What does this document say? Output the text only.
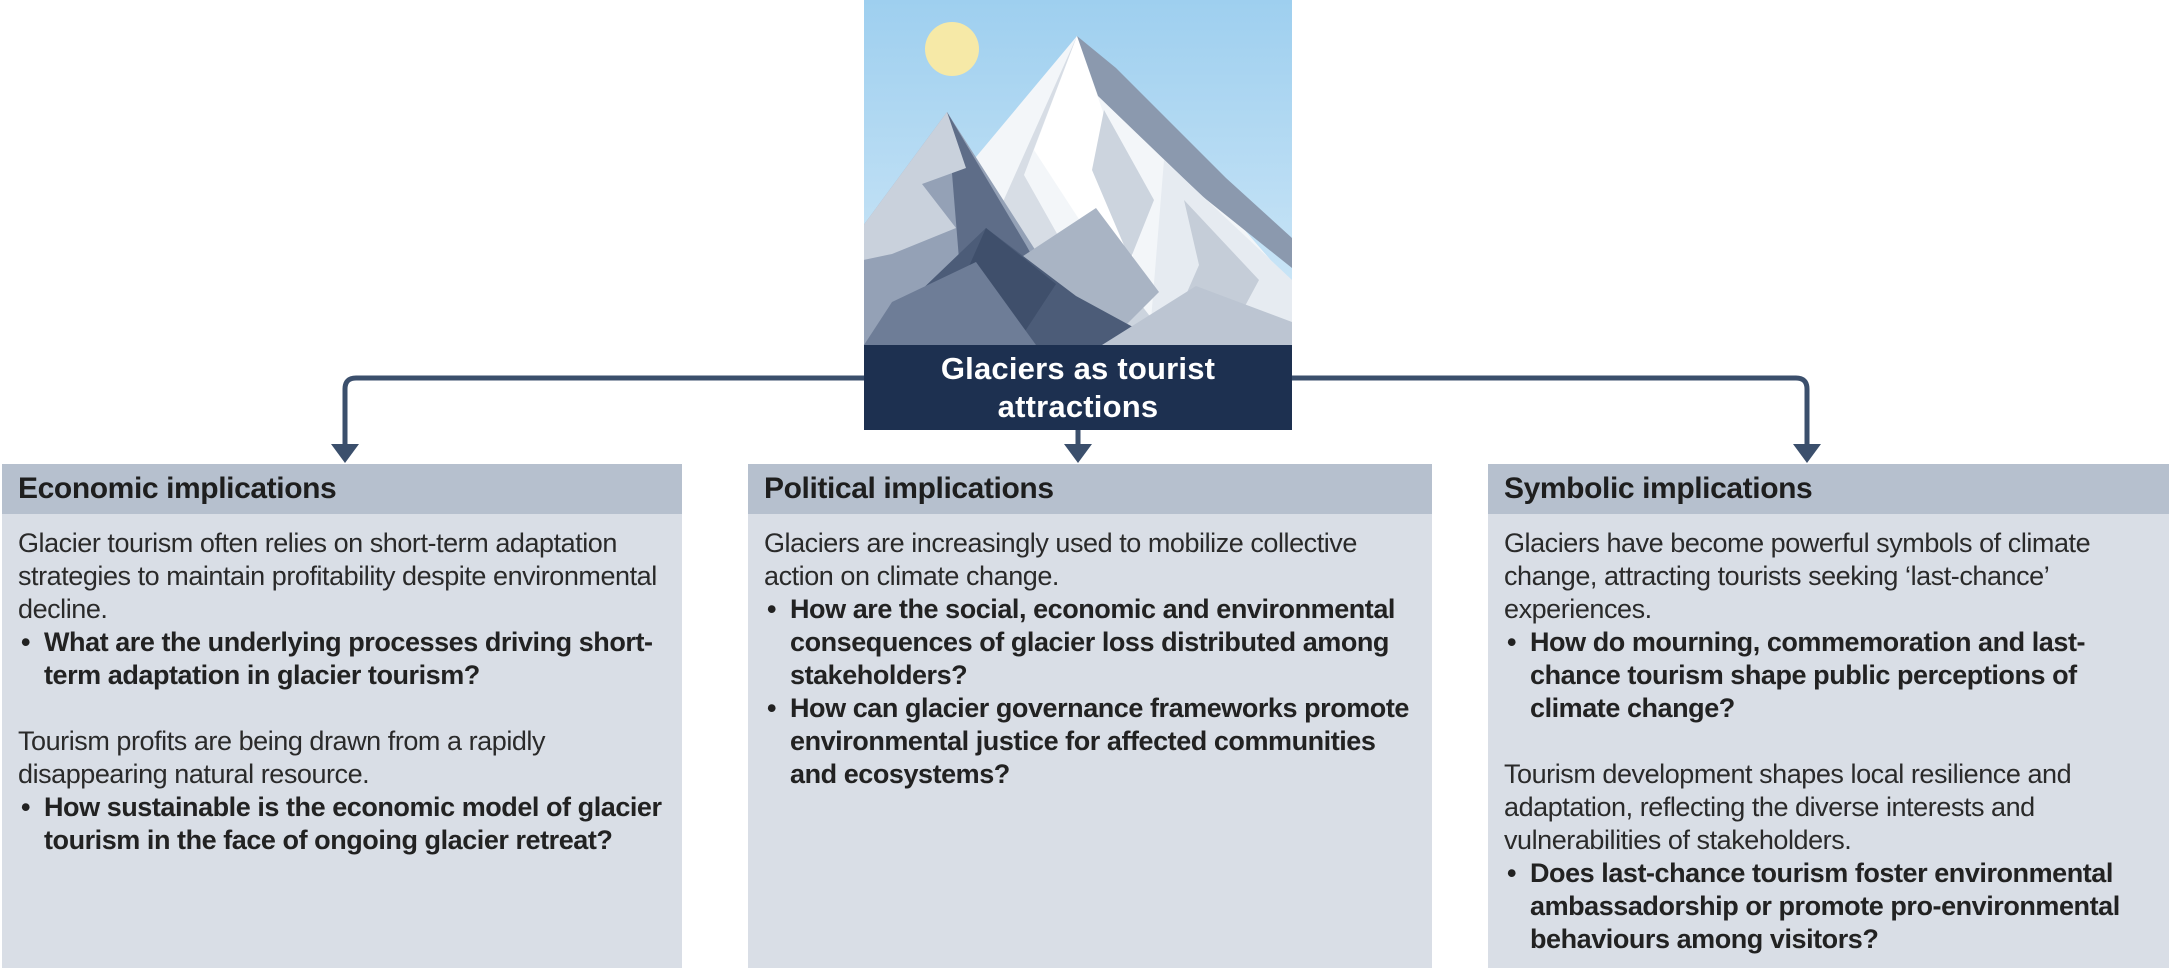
Glaciers as tourist attractions
Economic implications
Glacier tourism often relies on short-term adaptation strategies to maintain profitability despite environmental decline.
• What are the underlying processes driving short-term adaptation in glacier tourism?
Tourism profits are being drawn from a rapidly disappearing natural resource.
• How sustainable is the economic model of glacier tourism in the face of ongoing glacier retreat?
Political implications
Glaciers are increasingly used to mobilize collective action on climate change.
• How are the social, economic and environmental consequences of glacier loss distributed among stakeholders?
• How can glacier governance frameworks promote environmental justice for affected communities and ecosystems?
Symbolic implications
Glaciers have become powerful symbols of climate change, attracting tourists seeking ‘last-chance’ experiences.
• How do mourning, commemoration and last-chance tourism shape public perceptions of climate change?
Tourism development shapes local resilience and adaptation, reflecting the diverse interests and vulnerabilities of stakeholders.
• Does last-chance tourism foster environmental ambassadorship or promote pro-environmental behaviours among visitors?
